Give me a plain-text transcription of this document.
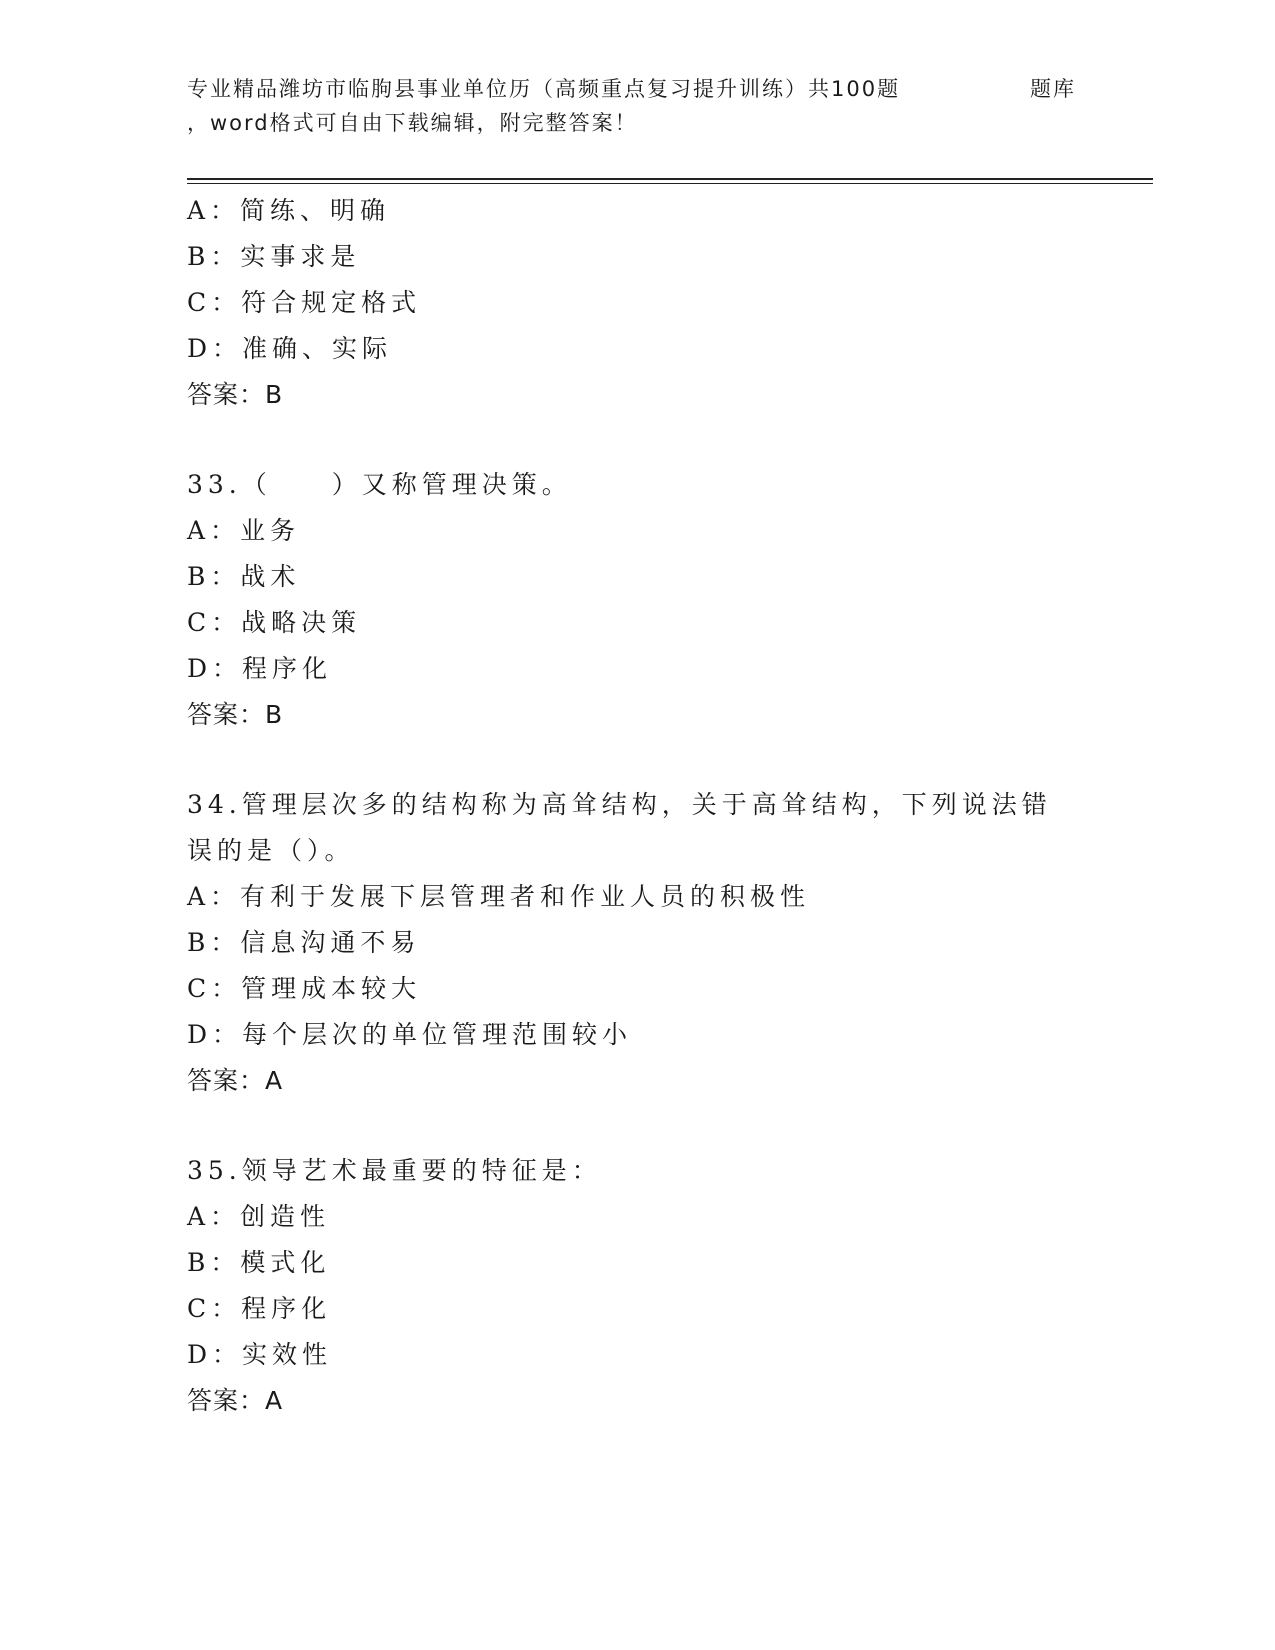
专业精品潍坊市临朐县事业单位历（高频重点复习提升训练）共100题	题库
，word格式可自由下载编辑，附完整答案！
A：简练、明确
B：实事求是
C：符合规定格式
D：准确、实际
答案：B
33.（　　）又称管理决策。
A：业务
B：战术
C：战略决策
D：程序化
答案：B
34.管理层次多的结构称为高耸结构，关于高耸结构，下列说法错误的是（）。
A：有利于发展下层管理者和作业人员的积极性
B：信息沟通不易
C：管理成本较大
D：每个层次的单位管理范围较小
答案：A
35.领导艺术最重要的特征是：
A：创造性
B：模式化
C：程序化
D：实效性
答案：A
